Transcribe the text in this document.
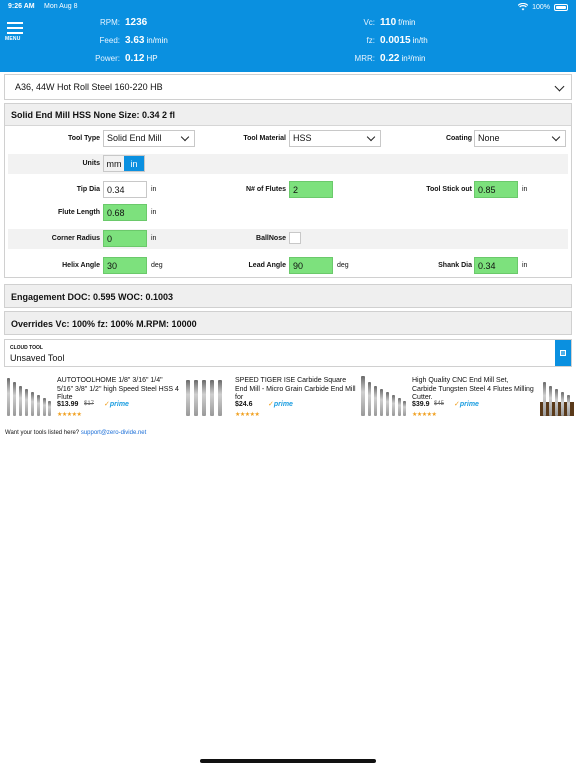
9:26 AM Mon Aug 8	100%
MENU
RPM: 1236
Feed: 3.63 in/min
Power: 0.12 HP
Vc: 110 f/min
fz: 0.0015 in/th
MRR: 0.22 in³/min
A36, 44W Hot Roll Steel 160-220 HB
Solid End Mill HSS None Size: 0.34 2 fl
Tool Type Solid End Mill	Tool Material HSS	Coating None
Units mm in
Tip Dia 0.34	in	N# of Flutes 2	Tool Stick out 0.85	in
Flute Length 0.68	in
Corner Radius 0	in	BallNose
Helix Angle 30	deg	Lead Angle 90	deg	Shank Dia 0.34	in
Engagement DOC: 0.595 WOC: 0.1003
Overrides Vc: 100% fz: 100% M.RPM: 10000
CLOUD TOOL
Unsaved Tool
AUTOTOOLHOME 1/8" 3/16" 1/4" 5/16" 3/8" 1/2" high Speed Steel HSS 4 Flute
$13.99 $17 ✓prime
★★★★★
SPEED TIGER ISE Carbide Square End Mill - Micro Grain Carbide End Mill for
$24.6 ✓prime
★★★★★
High Quality CNC End Mill Set, Carbide Tungsten Steel 4 Flutes Milling Cutter.
$39.9 $45 ✓prime
★★★★★
Want your tools listed here? support@zero-divide.net
